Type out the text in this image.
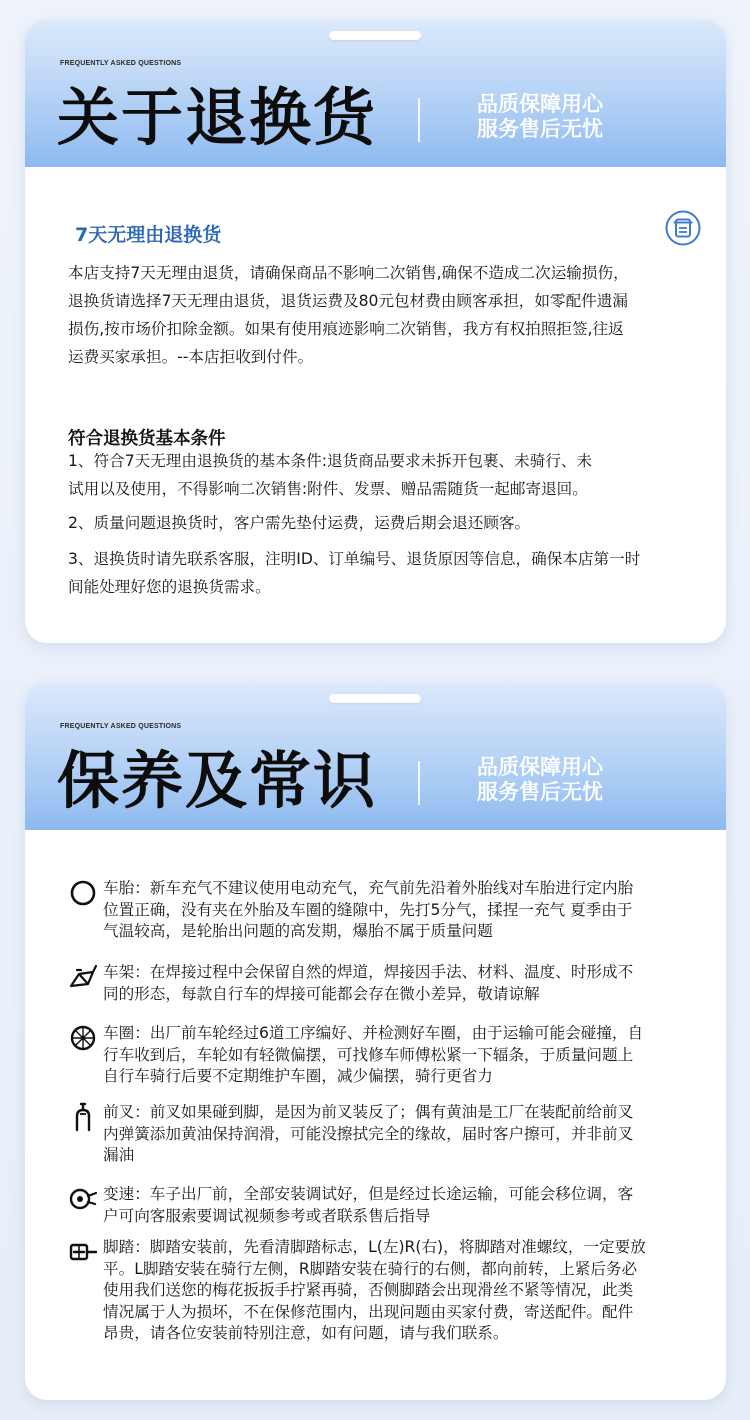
FREQUENTLY ASKED QUESTIONS
关于退换货	品质保障用心
服务售后无忧
7天无理由退换货
本店支持7天无理由退货，请确保商品不影响二次销售,确保不造成二次运输损伤，
退换货请选择7天无理由退货，退货运费及80元包材费由顾客承担，如零配件遗漏
损伤,按市场价扣除金额。如果有使用痕迹影响二次销售，我方有权拍照拒签,往返
运费买家承担。--本店拒收到付件。
符合退换货基本条件
1、符合7天无理由退换货的基本条件:退货商品要求未拆开包裹、未骑行、未
试用以及使用，不得影响二次销售:附件、发票、赠品需随货一起邮寄退回。
2、质量问题退换货时，客户需先垫付运费，运费后期会退还顾客。
3、退换货时请先联系客服，注明ID、订单编号、退货原因等信息，确保本店第一时
间能处理好您的退换货需求。
FREQUENTLY ASKED QUESTIONS
保养及常识	品质保障用心
服务售后无忧
车胎：新车充气不建议使用电动充气，充气前先沿着外胎线对车胎进行定内胎
位置正确，没有夹在外胎及车圈的缝隙中，先打5分气，揉捏一充气 夏季由于
气温较高，是轮胎出问题的高发期，爆胎不属于质量问题
车架：在焊接过程中会保留自然的焊道，焊接因手法、材料、温度、时形成不
同的形态，每款自行车的焊接可能都会存在微小差异，敬请谅解
车圈：出厂前车轮经过6道工序编好、并检测好车圈，由于运输可能会碰撞，自
行车收到后，车轮如有轻微偏摆，可找修车师傅松紧一下辐条，于质量问题上
自行车骑行后要不定期维护车圈，减少偏摆，骑行更省力
前叉：前叉如果碰到脚，是因为前叉装反了；偶有黄油是工厂在装配前给前叉
内弹簧添加黄油保持润滑，可能没擦拭完全的缘故，届时客户擦可，并非前叉
漏油
变速：车子出厂前，全部安装调试好，但是经过长途运输，可能会移位调，客
户可向客服索要调试视频参考或者联系售后指导
脚踏：脚踏安装前，先看清脚踏标志，L(左)R(右)，将脚踏对准螺纹，一定要放
平。L脚踏安装在骑行左侧，R脚踏安装在骑行的右侧，都向前转，上紧后务必
使用我们送您的梅花扳扳手拧紧再骑，否侧脚踏会出现滑丝不紧等情况，此类
情况属于人为损坏，不在保修范围内，出现问题由买家付费，寄送配件。配件
昂贵，请各位安装前特别注意，如有问题，请与我们联系。
